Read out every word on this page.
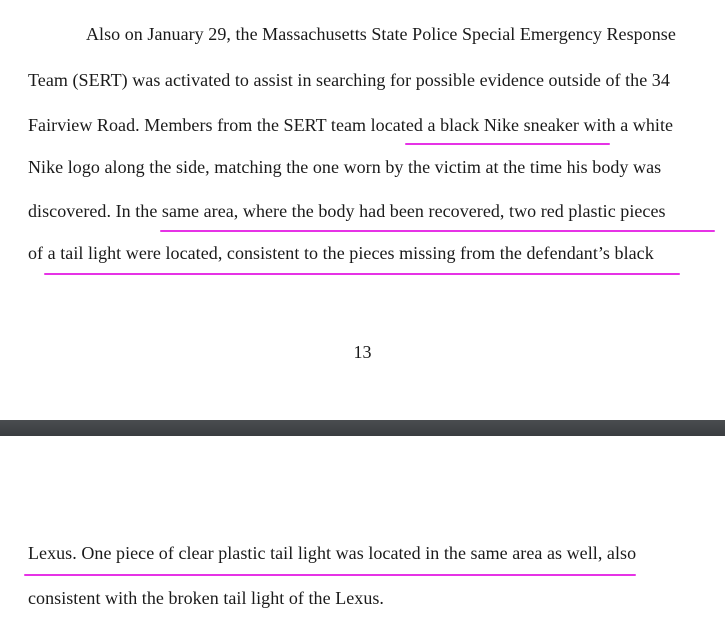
Also on January 29, the Massachusetts State Police Special Emergency Response
Team (SERT) was activated to assist in searching for possible evidence outside of the 34
Fairview Road. Members from the SERT team located a black Nike sneaker with a white
Nike logo along the side, matching the one worn by the victim at the time his body was
discovered. In the same area, where the body had been recovered, two red plastic pieces
of a tail light were located, consistent to the pieces missing from the defendant’s black
13
Lexus. One piece of clear plastic tail light was located in the same area as well, also
consistent with the broken tail light of the Lexus.
